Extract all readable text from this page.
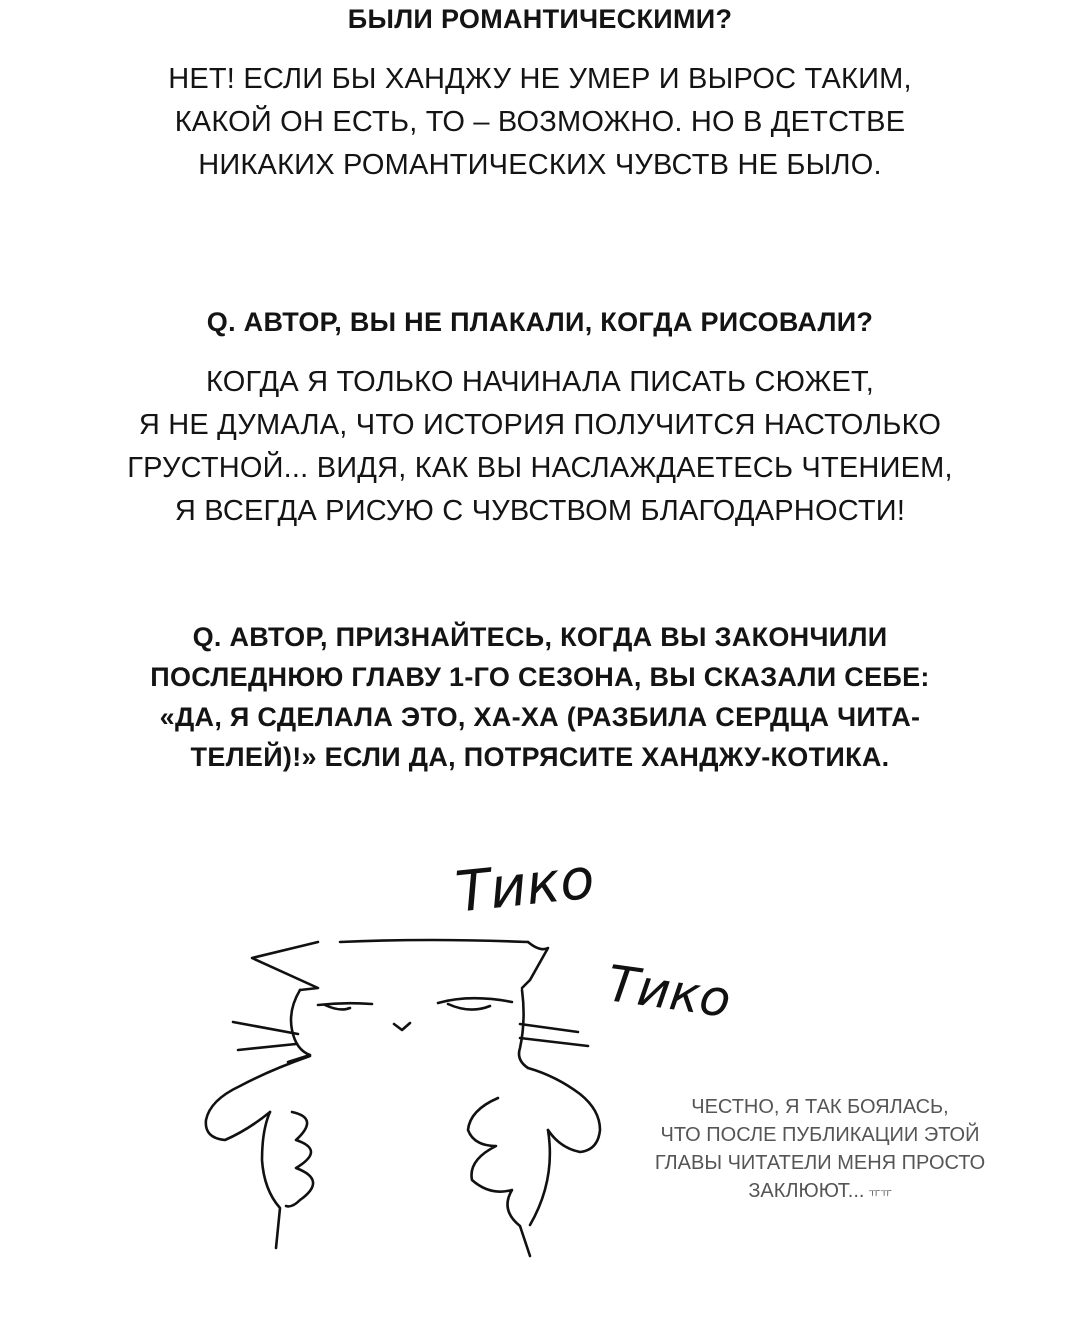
БЫЛИ РОМАНТИЧЕСКИМИ?
НЕТ! ЕСЛИ БЫ ХАНДЖУ НЕ УМЕР И ВЫРОС ТАКИМ,
КАКОЙ ОН ЕСТЬ, ТО – ВОЗМОЖНО. НО В ДЕТСТВЕ
НИКАКИХ РОМАНТИЧЕСКИХ ЧУВСТВ НЕ БЫЛО.
Q. АВТОР, ВЫ НЕ ПЛАКАЛИ, КОГДА РИСОВАЛИ?
КОГДА Я ТОЛЬКО НАЧИНАЛА ПИСАТЬ СЮЖЕТ,
Я НЕ ДУМАЛА, ЧТО ИСТОРИЯ ПОЛУЧИТСЯ НАСТОЛЬКО
ГРУСТНОЙ... ВИДЯ, КАК ВЫ НАСЛАЖДАЕТЕСЬ ЧТЕНИЕМ,
Я ВСЕГДА РИСУЮ С ЧУВСТВОМ БЛАГОДАРНОСТИ!
Q. АВТОР, ПРИЗНАЙТЕСЬ, КОГДА ВЫ ЗАКОНЧИЛИ
ПОСЛЕДНЮЮ ГЛАВУ 1-ГО СЕЗОНА, ВЫ СКАЗАЛИ СЕБЕ:
«ДА, Я СДЕЛАЛА ЭТО, ХА-ХА (РАЗБИЛА СЕРДЦА ЧИТА-
ТЕЛЕЙ)!» ЕСЛИ ДА, ПОТРЯСИТЕ ХАНДЖУ-КОТИКА.
Тико
Тико
ЧЕСТНО, Я ТАК БОЯЛАСЬ,
ЧТО ПОСЛЕ ПУБЛИКАЦИИ ЭТОЙ
ГЛАВЫ ЧИТАТЕЛИ МЕНЯ ПРОСТО
ЗАКЛЮЮТ... ㅠㅠ
